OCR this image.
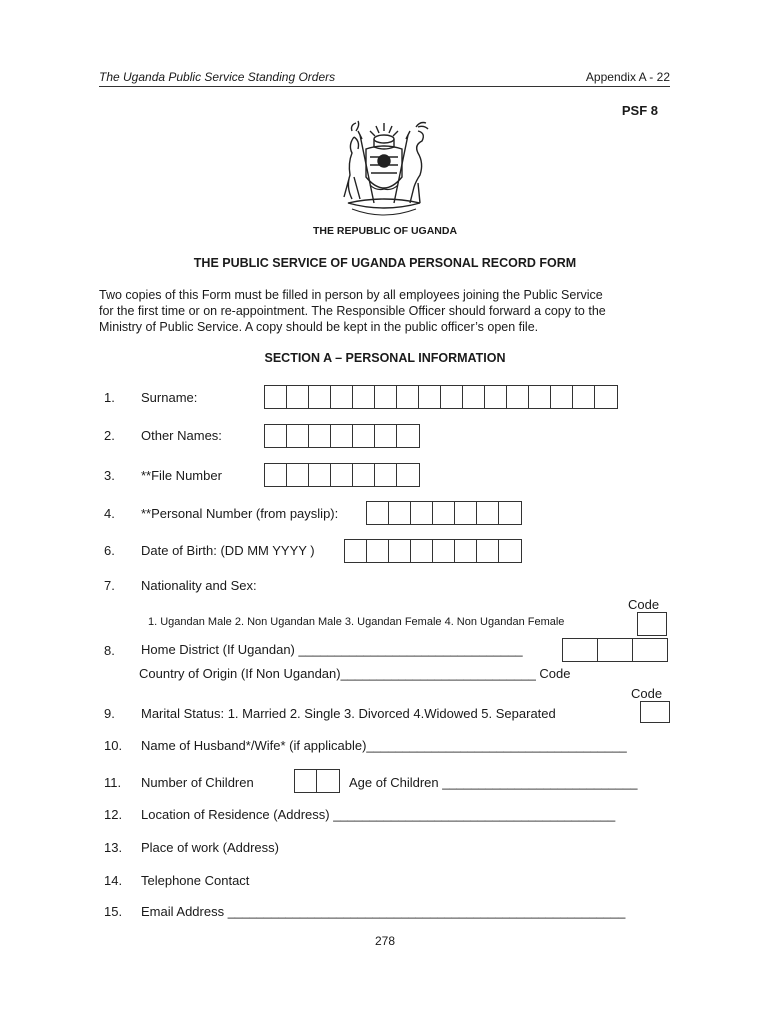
The Uganda Public Service Standing Orders	Appendix A - 22
PSF 8
THE REPUBLIC OF UGANDA
THE PUBLIC SERVICE OF UGANDA PERSONAL RECORD FORM
Two copies of this Form must be filled in person by all employees joining the Public Service
for the first time or on re-appointment. The Responsible Officer should forward a copy to the
Ministry of Public Service. A copy should be kept in the public officer’s open file.
SECTION A – PERSONAL INFORMATION
1. Surname:
2. Other Names:
3. **File Number
4. **Personal Number (from payslip):
6. Date of Birth: (DD MM YYYY )
7. Nationality and Sex:
Code
1. Ugandan Male 2. Non Ugandan Male 3. Ugandan Female 4. Non Ugandan Female
8. Home District (If Ugandan) _______________________________
Country of Origin (If Non Ugandan)___________________________ Code
Code
9. Marital Status: 1. Married 2. Single 3. Divorced 4.Widowed 5. Separated
10. Name of Husband*/Wife* (if applicable)____________________________________
11. Number of Children	Age of Children ___________________________
12. Location of Residence (Address) _______________________________________
13. Place of work (Address)
14. Telephone Contact
15. Email Address _______________________________________________________
278
